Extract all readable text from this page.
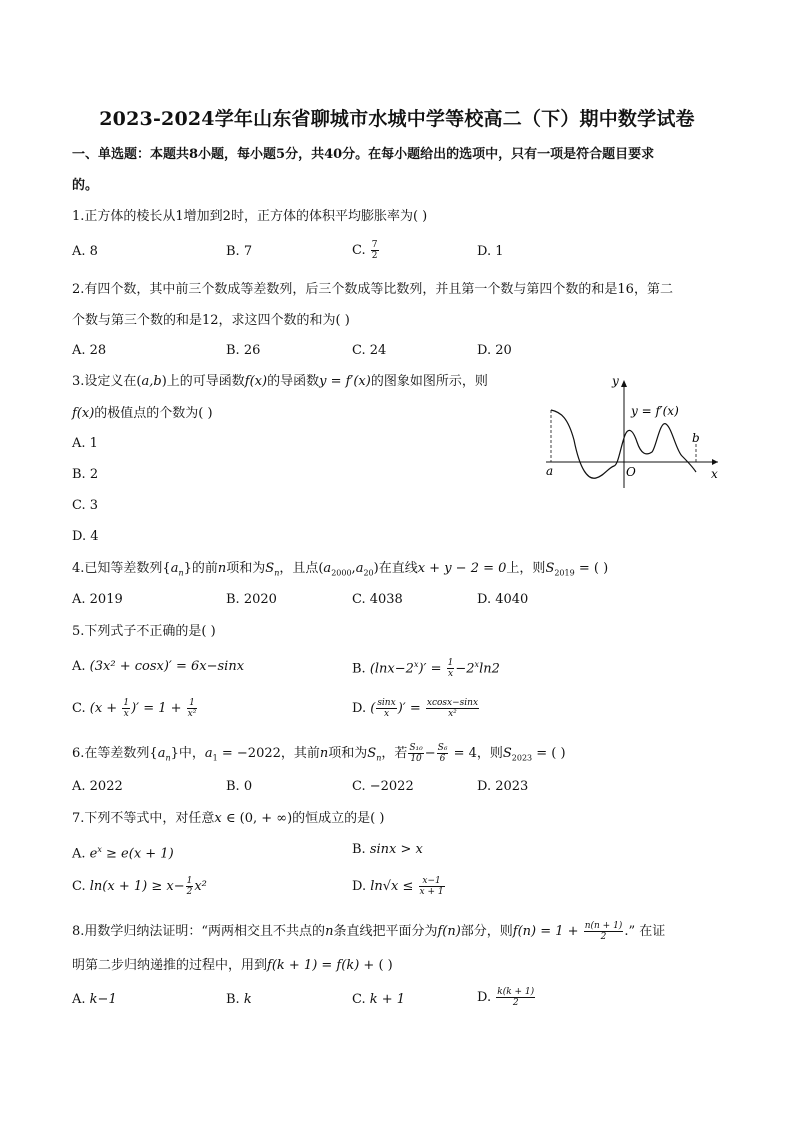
2023-2024学年山东省聊城市水城中学等校高二（下）期中数学试卷
一、单选题：本题共8小题，每小题5分，共40分。在每小题给出的选项中，只有一项是符合题目要求
的。
1.正方体的棱长从1增加到2时，正方体的体积平均膨胀率为( )
A. 8	B. 7	C. $\frac{7}{2}$	D. 1
2.有四个数，其中前三个数成等差数列，后三个数成等比数列，并且第一个数与第四个数的和是16，第二
个数与第三个数的和是12，求这四个数的和为( )
A. 28	B. 26	C. 24	D. 20
3.设定义在(a,b)上的可导函数f(x)的导函数y = f′(x)的图象如图所示，则
f(x)的极值点的个数为( )
A. 1
B. 2
C. 3
D. 4
y
x
a
b
O
y = f′(x)
4.已知等差数列$\{a_n\}$的前n项和为$S_n$，且点$(a_{2000},a_{20})$在直线x + y − 2 = 0上，则$S_{2019}$ = ( )
A. 2019	B. 2020	C. 4038	D. 4040
5.下列式子不正确的是( )
A. (3x² + cosx)′ = 6x−sinx	B. $(\ln x-2^x)' = \frac{1}{x} -2^x\ln 2$
C. ($x + \frac{1}{x}$ )′ = $1 + \frac{1}{\text{x²}}$	D. ( $\frac{\sin x}{x}$ )′ = $\frac{xcosx-\sin x}{\text{x²}}$
6.在等差数列$\{a_n\}$中，$a_1 = -2022$，其前n项和为$S_n$，若 $\frac{\text{S₁₀}}{10} - \frac{\text{S₆}}{6} = 4$，则$S_{2023}$ = ( )
A. 2022	B. 0	C. −2022	D. 2023
7.下列不等式中，对任意x ∈ (0, + ∞)的恒成立的是( )
A. $e^x \ge e(x + 1)$	B. sinx > x
C. $\ln(x + 1) \ge x- \frac{1}{2} x^2$	D. $\ln√x \le \frac{x-1}{x + 1}$
8.用数学归纳法证明：“两两相交且不共点的n条直线把平面分为f(n)部分，则$f(n) = 1 + \frac{n(n + 1)}{2}$ .” 在证
明第二步归纳递推的过程中，用到f(k + 1) = f(k) + ( )
A. k−1	B. k	C. k + 1	D. $\frac{k(k + 1)}{2}$
